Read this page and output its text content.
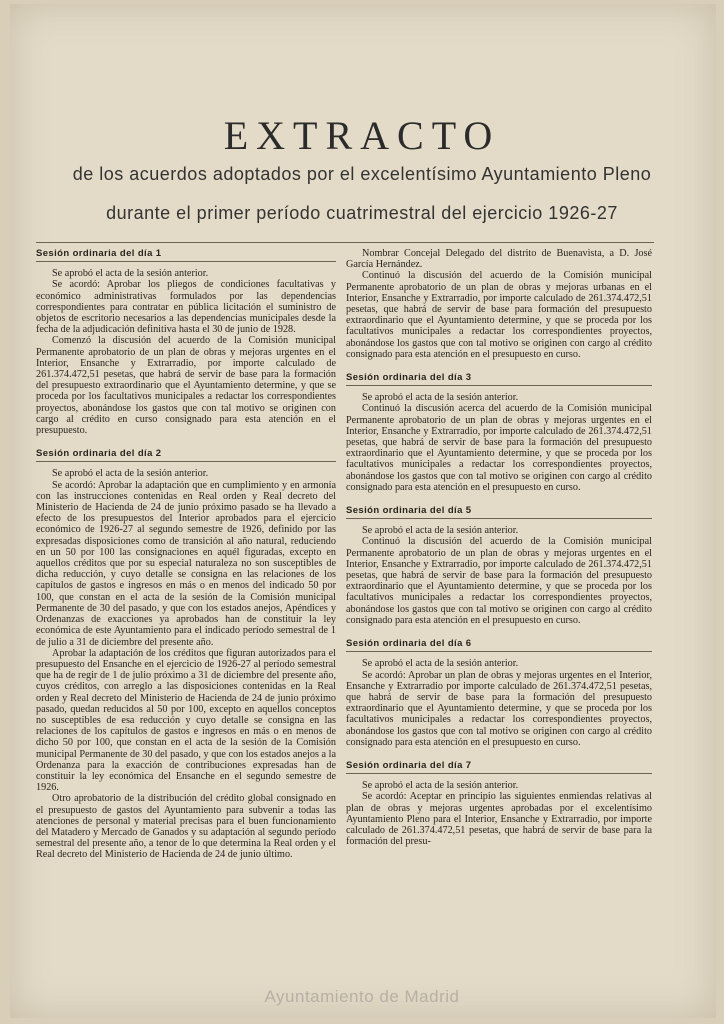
EXTRACTO
de los acuerdos adoptados por el excelentísimo Ayuntamiento Pleno
durante el primer período cuatrimestral del ejercicio 1926-27
Sesión ordinaria del día 1

Se aprobó el acta de la sesión anterior.

Se acordó: Aprobar los pliegos de condiciones facultativas y económico administrativas formulados por las dependencias correspondientes para contratar en pública licitación el suministro de objetos de escritorio necesarios a las dependencias municipales desde la fecha de la adjudicación definitiva hasta el 30 de junio de 1928.

Comenzó la discusión del acuerdo de la Comisión municipal Permanente aprobatorio de un plan de obras y mejoras urgentes en el Interior, Ensanche y Extrarradio, por importe calculado de 261.374.472,51 pesetas, que habrá de servir de base para la formación del presupuesto extraordinario que el Ayuntamiento determine, y que se proceda por los facultativos municipales a redactar los correspondientes proyectos, abonándose los gastos que con tal motivo se originen con cargo al crédito en curso consignado para esta atención en el presupuesto.

Sesión ordinaria del día 2

Se aprobó el acta de la sesión anterior.

Se acordó: Aprobar la adaptación que en cumplimiento y en armonía con las instrucciones contenidas en Real orden y Real decreto del Ministerio de Hacienda de 24 de junio próximo pasado se ha llevado a efecto de los presupuestos del Interior aprobados para el ejercicio económico de 1926-27 al segundo semestre de 1926, definido por las expresadas disposiciones como de transición al año natural, reduciendo en un 50 por 100 las consignaciones en aquél figuradas, excepto en aquellos créditos que por su especial naturaleza no son susceptibles de dicha reducción, y cuyo detalle se consigna en las relaciones de los capítulos de gastos e ingresos en más o en menos del indicado 50 por 100, que constan en el acta de la sesión de la Comisión municipal Permanente de 30 del pasado, y que con los estados anejos, Apéndices y Ordenanzas de exacciones ya aprobados han de constituir la ley económica de este Ayuntamiento para el indicado período semestral de 1 de julio a 31 de diciembre del presente año.

Aprobar la adaptación de los créditos que figuran autorizados para el presupuesto del Ensanche en el ejercicio de 1926-27 al período semestral que ha de regir de 1 de julio próximo a 31 de diciembre del presente año, cuyos créditos, con arreglo a las disposiciones contenidas en la Real orden y Real decreto del Ministerio de Hacienda de 24 de junio próximo pasado, quedan reducidos al 50 por 100, excepto en aquellos conceptos no susceptibles de esa reducción y cuyo detalle se consigna en las relaciones de los capítulos de gastos e ingresos en más o en menos de dicho 50 por 100, que constan en el acta de la sesión de la Comisión municipal Permanente de 30 del pasado, y que con los estados anejos a la Ordenanza para la exacción de contribuciones expresadas han de constituir la ley económica del Ensanche en el segundo semestre de 1926.

Otro aprobatorio de la distribución del crédito global consignado en el presupuesto de gastos del Ayuntamiento para subvenir a todas las atenciones de personal y material precisas para el buen funcionamiento del Matadero y Mercado de Ganados y su adaptación al segundo período semestral del presente año, a tenor de lo que determina la Real orden y el Real decreto del Ministerio de Hacienda de 24 de junio último.

Nombrar Concejal Delegado del distrito de Buenavista, a D. José García Hernández.

Continuó la discusión del acuerdo de la Comisión municipal Permanente aprobatorio de un plan de obras y mejoras urbanas en el Interior, Ensanche y Extrarradio, por importe calculado de 261.374.472,51 pesetas, que habrá de servir de base para formación del presupuesto extraordinario que el Ayuntamiento determine, y que se proceda por los facultativos municipales a redactar los correspondientes proyectos, abonándose los gastos que con tal motivo se originen con cargo al crédito consignado para esta atención en el presupuesto en curso.

Sesión ordinaria del día 3

Se aprobó el acta de la sesión anterior.

Continuó la discusión acerca del acuerdo de la Comisión municipal Permanente aprobatorio de un plan de obras y mejoras urgentes en el Interior, Ensanche y Extrarradio, por importe calculado de 261.374.472,51 pesetas, que habrá de servir de base para la formación del presupuesto extraordinario que el Ayuntamiento determine, y que se proceda por los facultativos municipales a redactar los correspondientes proyectos, abonándose los gastos que con tal motivo se originen con cargo al crédito consignado para esta atención en el presupuesto en curso.

Sesión ordinaria del día 5

Se aprobó el acta de la sesión anterior.

Continuó la discusión del acuerdo de la Comisión municipal Permanente aprobatorio de un plan de obras y mejoras urgentes en el Interior, Ensanche y Extrarradio, por importe calculado de 261.374.472,51 pesetas, que habrá de servir de base para la formación del presupuesto extraordinario que el Ayuntamiento determine, y que se proceda por los facultativos municipales a redactar los correspondientes proyectos, abonándose los gastos que con tal motivo se originen con cargo al crédito consignado para esta atención en el presupuesto en curso.

Sesión ordinaria del día 6

Se aprobó el acta de la sesión anterior.

Se acordó: Aprobar un plan de obras y mejoras urgentes en el Interior, Ensanche y Extrarradio por importe calculado de 261.374.472,51 pesetas, que habrá de servir de base para la formación del presupuesto extraordinario que el Ayuntamiento determine, y que se proceda por los facultativos municipales a redactar los correspondientes proyectos, abonándose los gastos que con tal motivo se originen con cargo al crédito consignado para esta atención en el presupuesto en curso.

Sesión ordinaria del día 7

Se aprobó el acta de la sesión anterior.

Se acordó: Aceptar en principio las siguientes enmiendas relativas al plan de obras y mejoras urgentes aprobadas por el excelentísimo Ayuntamiento Pleno para el Interior, Ensanche y Extrarradio, por importe calculado de 261.374.472,51 pesetas, que habrá de servir de base para la formación del presu-

Ayuntamiento de Madrid
